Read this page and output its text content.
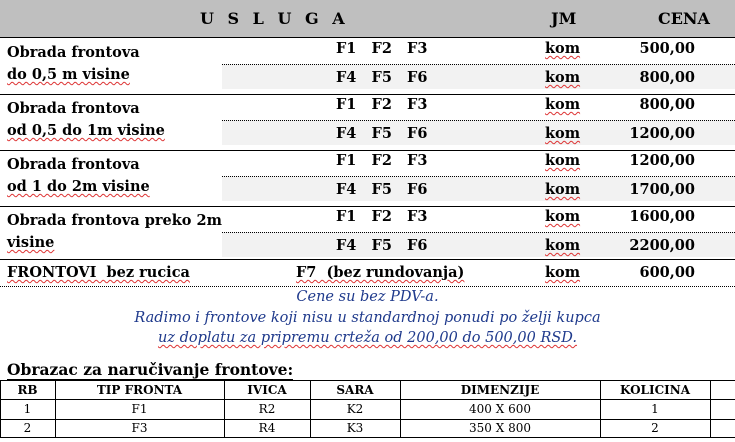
U S L U G A	JM	CENA
Obrada frontova
do 0,5 m visine
F1   F2   F3	kom	500,00
F4   F5   F6	kom	800,00
Obrada frontova
od 0,5 do 1m visine
F1   F2   F3	kom	800,00
F4   F5   F6	kom	1200,00
Obrada frontova
od 1 do 2m visine
F1   F2   F3	kom	1200,00
F4   F5   F6	kom	1700,00
Obrada frontova preko 2m
visine
F1   F2   F3	kom	1600,00
F4   F5   F6	kom	2200,00
FRONTOVI  bez rucica	F7  (bez rundovanja)	kom	600,00
Cene su bez PDV-a.
Radimo i frontove koji nisu u standardnoj ponudi po želji kupca
uz doplatu za pripremu crteža od 200,00 do 500,00 RSD.
Obrazac za naručivanje frontove:
RB	TIP FRONTA	IVICA	SARA	DIMENZIJE	KOLICINA
1	F1	R2	K2	400 X 600	1
2	F3	R4	K3	350 X 800	2
